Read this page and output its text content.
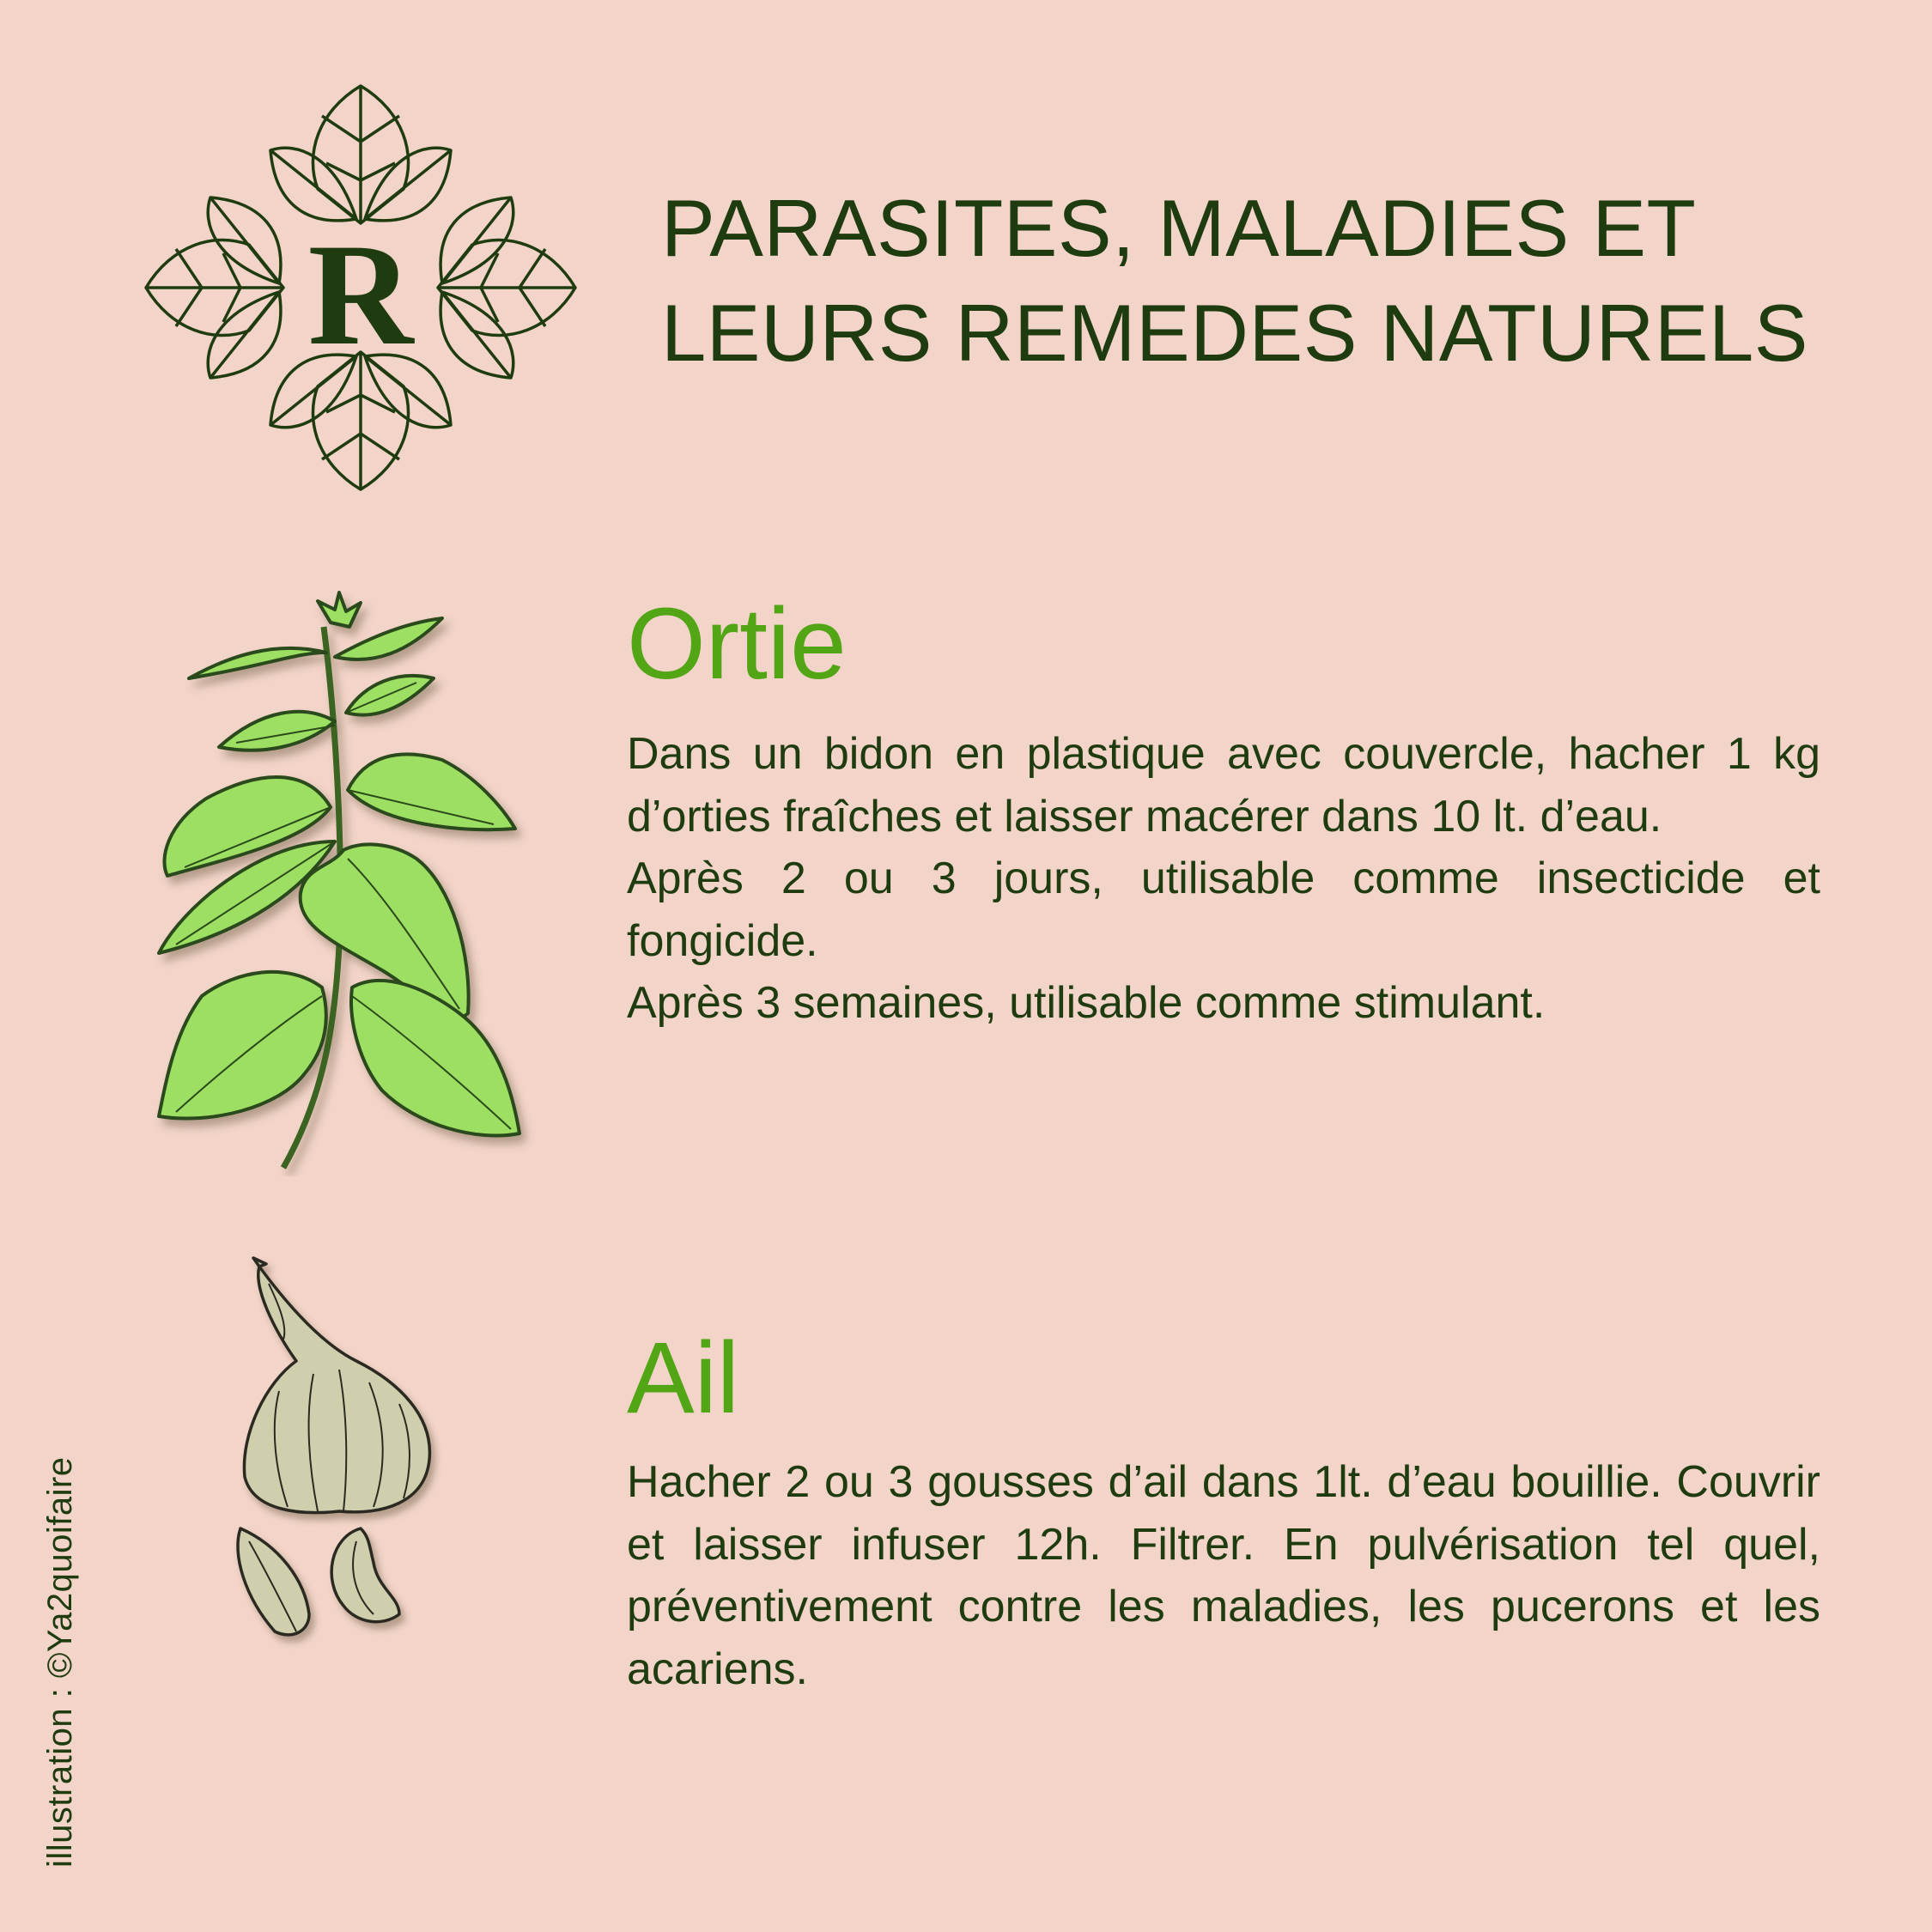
R	PARASITES, MALADIES ET
LEURS REMEDES NATURELS
Ortie

Dans un bidon en plastique avec couvercle, hacher 1 kg d’orties fraîches et laisser macérer dans 10 lt. d’eau.

Après 2 ou 3 jours, utilisable comme insecticide et fongicide.

Après 3 semaines, utilisable comme stimulant.

Ail

Hacher 2 ou 3 gousses d’ail dans 1lt. d’eau bouillie. Couvrir et laisser infuser 12h. Filtrer. En pulvérisation tel quel, préventivement contre les maladies, les pucerons et les acariens.

illustration : ©Ya2quoifaire
